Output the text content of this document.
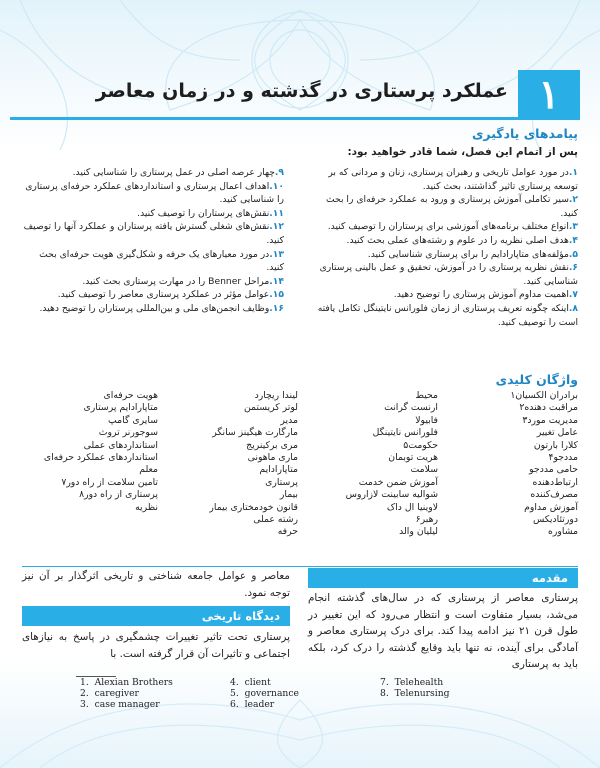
۱
عملکرد پرستاری در گذشته و در زمان معاصر
پیامدهای یادگیری
پس از اتمام این فصل، شما قادر خواهید بود:
۱.در مورد عوامل تاریخی و رهبران پرستاری، زنان و مردانی که بر توسعه پرستاری تاثیر گذاشتند، بحث کنید.
۲.سیر تکاملی آموزش پرستاری و ورود به عملکرد حرفه‌ای را بحث کنید.
۳.انواع مختلف برنامه‌های آموزشی برای پرستاران را توصیف کنید.
۴.هدف اصلی نظریه را در علوم و رشته‌های عملی بحث کنید.
۵.مؤلفه‌های متاپارادایم را برای پرستاری شناسایی کنید.
۶.نقش نظریه پرستاری را در آموزش، تحقیق و عمل بالینی پرستاری شناسایی کنید.
۷.اهمیت مداوم آموزش پرستاری را توضیح دهید.
۸.اینکه چگونه تعریف پرستاری از زمان فلورانس نایتینگل تکامل یافته است را توصیف کنید.
۹.چهار عرصه اصلی در عمل پرستاری را شناسایی کنید.
۱۰.اهداف اعمال پرستاری و استانداردهای عملکرد حرفه‌ای پرستاری را شناسایی کنید.
۱۱.نقش‌های پرستاران را توصیف کنید.
۱۲.نقش‌های شغلی گسترش یافته پرستاران و عملکرد آنها را توصیف کنید.
۱۳.در مورد معیارهای یک حرفه و شکل‌گیری هویت حرفه‌ای بحث کنید.
۱۴.مراحل Benner را در مهارت پرستاری بحث کنید.
۱۵.عوامل مؤثر در عملکرد پرستاری معاصر را توصیف کنید.
۱۶.وظایف انجمن‌های ملی و بین‌المللی پرستاران را توضیح دهید.
واژگان کلیدی
برادران الکسیان۱
مراقبت دهنده۲
مدیریت مورد۳
عامل تغییر
کلارا بارتون
مددجو۴
حامی مددجو
ارتباط‌دهنده
مصرف‌کننده
آموزش مداوم
دورتئادیکس
مشاوره
محیط
ارنست گرانت
فابیولا
فلورانس نایتینگل
حکومت۵
هریت توبمان
سلامت
آموزش ضمن خدمت
شوالیه سابینت لازاروس
لاوینیا ال داک
رهبر۶
لیلیان والد
لیندا ریچارد
لوتر کریستمن
مدیر
مارگارت هیگینز سانگر
مری برکینریج
ماری ماهونی
متاپارادایم
پرستاری
بیمار
قانون خودمختاری بیمار
رشته عملی
حرفه
هویت حرفه‌ای
متاپارادایم پرستاری
سایری گامپ
سوجورنر تروث
استانداردهای عملی
استانداردهای عملکرد حرفه‌ای
معلم
تامین سلامت از راه دور۷
پرستاری از راه دور۸
نظریه
مقدمه
پرستاری معاصر از پرستاری که در سال‌های گذشته انجام می‌شد، بسیار متفاوت است و انتظار می‌رود که این تغییر در طول قرن ۲۱ نیز ادامه پیدا کند. برای درک پرستاری معاصر و آمادگی برای آینده، نه تنها باید وقایع گذشته را درک کرد، بلکه باید به پرستاری
معاصر و عوامل جامعه شناختی و تاریخی اثرگذار بر آن نیز توجه نمود.
دیدگاه تاریخی
پرستاری تحت تاثیر تغییرات چشمگیری در پاسخ به نیازهای اجتماعی و تاثیرات آن قرار گرفته است. با
1.  Alexian Brothers
2.  caregiver
3.  case manager
4.  client
5.  governance
6.  leader
7.  Telehealth
8.  Telenursing
